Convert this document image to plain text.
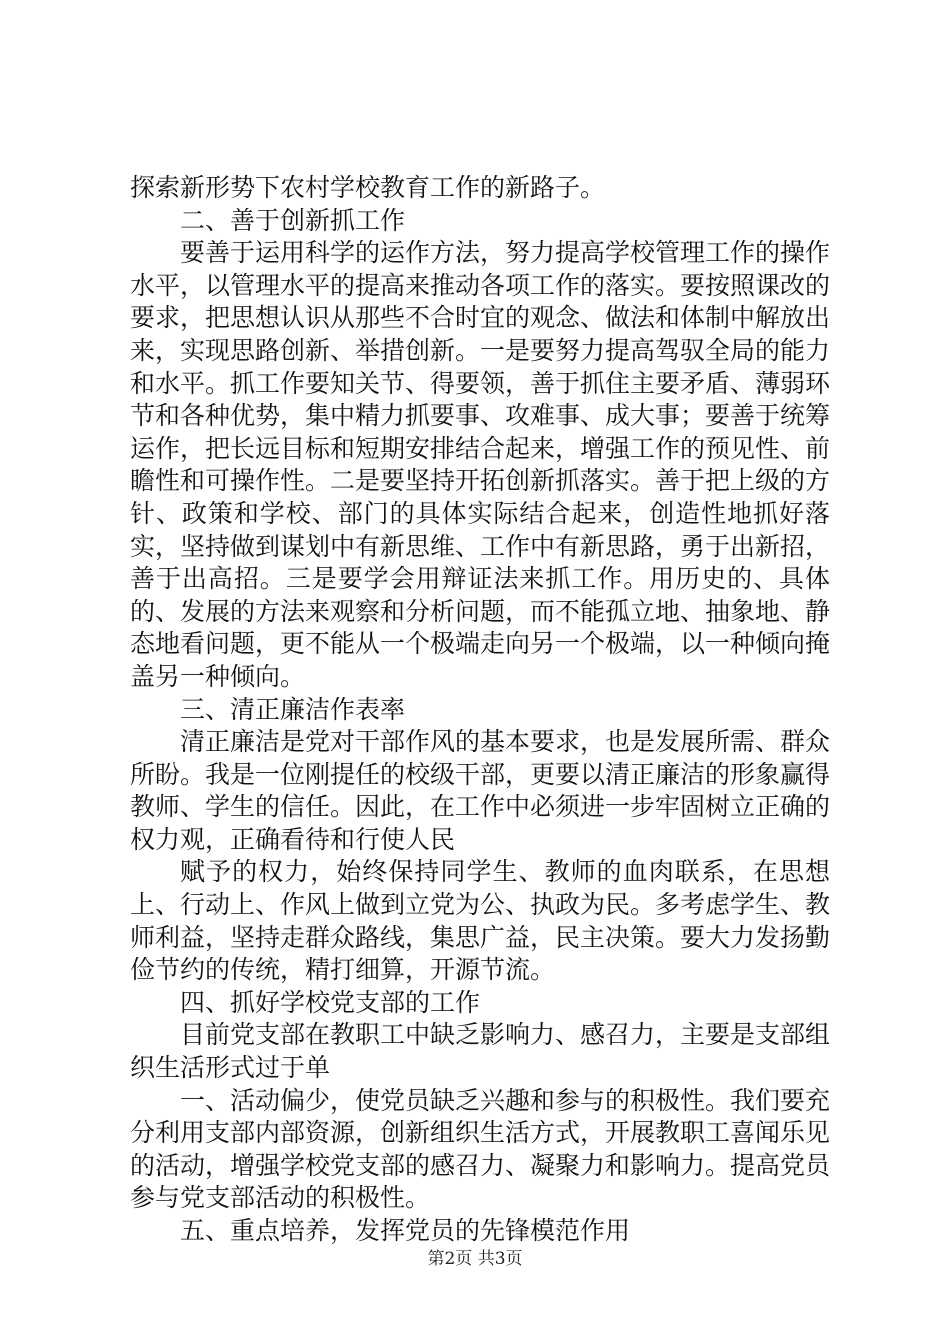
探索新形势下农村学校教育工作的新路子。

二、善于创新抓工作

要善于运用科学的运作方法，努力提高学校管理工作的操作水平，以管理水平的提高来推动各项工作的落实。要按照课改的要求，把思想认识从那些不合时宜的观念、做法和体制中解放出来，实现思路创新、举措创新。一是要努力提高驾驭全局的能力和水平。抓工作要知关节、得要领，善于抓住主要矛盾、薄弱环节和各种优势，集中精力抓要事、攻难事、成大事；要善于统筹运作，把长远目标和短期安排结合起来，增强工作的预见性、前瞻性和可操作性。二是要坚持开拓创新抓落实。善于把上级的方针、政策和学校、部门的具体实际结合起来，创造性地抓好落实，坚持做到谋划中有新思维、工作中有新思路，勇于出新招，善于出高招。三是要学会用辩证法来抓工作。用历史的、具体的、发展的方法来观察和分析问题，而不能孤立地、抽象地、静态地看问题，更不能从一个极端走向另一个极端，以一种倾向掩盖另一种倾向。

三、清正廉洁作表率

清正廉洁是党对干部作风的基本要求，也是发展所需、群众所盼。我是一位刚提任的校级干部，更要以清正廉洁的形象赢得教师、学生的信任。因此，在工作中必须进一步牢固树立正确的权力观，正确看待和行使人民

赋予的权力，始终保持同学生、教师的血肉联系，在思想上、行动上、作风上做到立党为公、执政为民。多考虑学生、教师利益，坚持走群众路线，集思广益，民主决策。要大力发扬勤俭节约的传统，精打细算，开源节流。

四、抓好学校党支部的工作

目前党支部在教职工中缺乏影响力、感召力，主要是支部组织生活形式过于单

一、活动偏少，使党员缺乏兴趣和参与的积极性。我们要充分利用支部内部资源，创新组织生活方式，开展教职工喜闻乐见的活动，增强学校党支部的感召力、凝聚力和影响力。提高党员参与党支部活动的积极性。

五、重点培养，发挥党员的先锋模范作用

第2页 共3页
